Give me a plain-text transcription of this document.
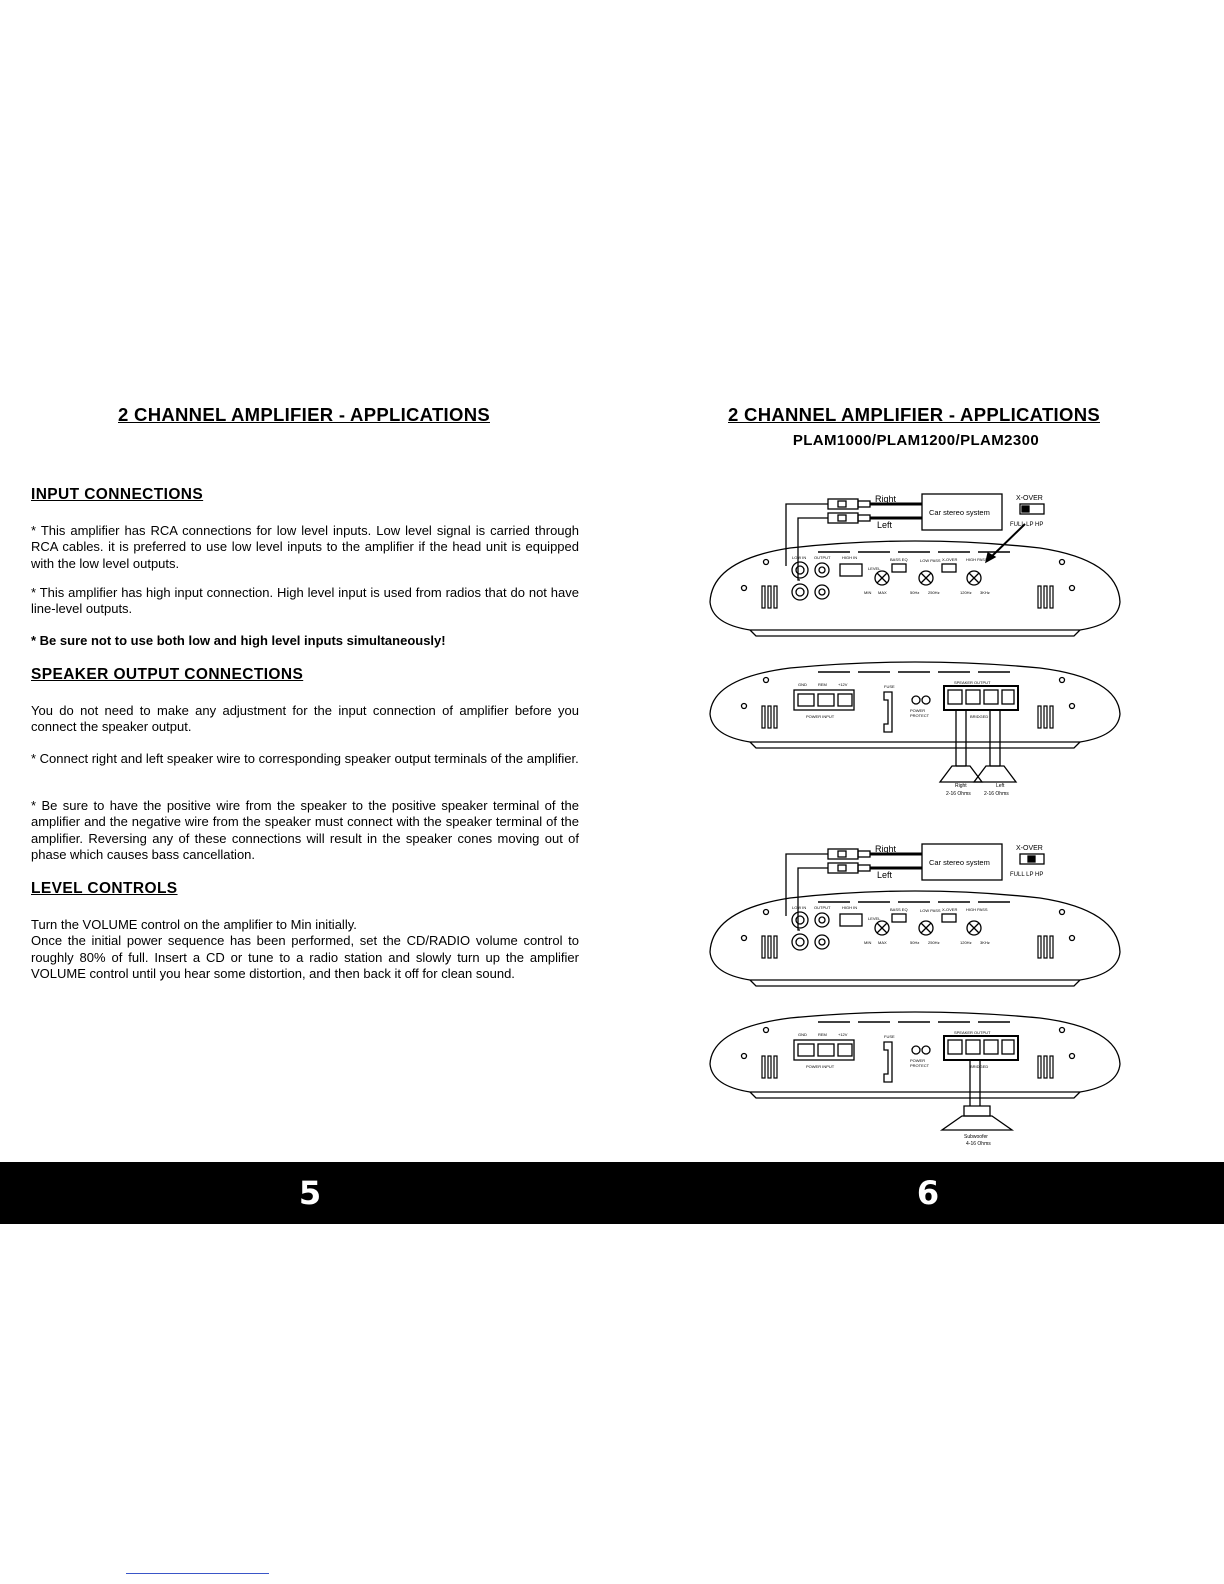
2 CHANNEL AMPLIFIER - APPLICATIONS
INPUT CONNECTIONS
* This amplifier has RCA connections for low level inputs. Low level signal is carried through RCA cables. it is preferred to use low level inputs to the amplifier if the head unit is equipped with the low level outputs.
* This amplifier has high input connection. High level input is used from radios that do not have line-level outputs.
* Be sure not to use both low and high level inputs simultaneously!
SPEAKER OUTPUT CONNECTIONS
You do not need to make any adjustment for the input connection of amplifier before you connect the speaker output.
* Connect right and left speaker wire to corresponding speaker output terminals of the amplifier.
* Be sure to have the positive wire from the speaker to the positive speaker terminal of the amplifier and the negative wire from the speaker must connect with the speaker terminal of the amplifier. Reversing any of these connections will result in the speaker cones moving out of phase which causes bass cancellation.
LEVEL CONTROLS
Turn the VOLUME control on the amplifier to Min initially.
Once the initial power sequence has been performed, set the CD/RADIO volume control to roughly 80% of full. Insert a CD or tune to a radio station and slowly turn up the amplifier VOLUME control until you hear some distortion, and then back it off for clean sound.
2 CHANNEL AMPLIFIER - APPLICATIONS
PLAM1000/PLAM1200/PLAM2300
Right
Left
Car stereo system
X-OVER
FULL LP HP
LOW IN OUTPUT	HIGH IN
LEVEL
BASS EQ	LOW PASS X-OVER HIGH PASS
MIN MAX	50Hz 250Hz	120Hz 3KHz
GND	REM	+12V	FUSE
SPEAKER OUTPUT
POWER INPUT
POWER
PROTECT	BRIDGED
Right	Left
2-16 Ohms	2-16 Ohms
Right
Left
Car stereo system
X-OVER
FULL LP HP
LOW IN OUTPUT	HIGH IN
LEVEL
BASS EQ	LOW PASS X-OVER HIGH PASS
MIN MAX	50Hz 250Hz	120Hz 3KHz
GND	REM	+12V	FUSE
SPEAKER OUTPUT
POWER INPUT
POWER
PROTECT	BRIDGED
Subwoofer
4-16 Ohms
5	6
